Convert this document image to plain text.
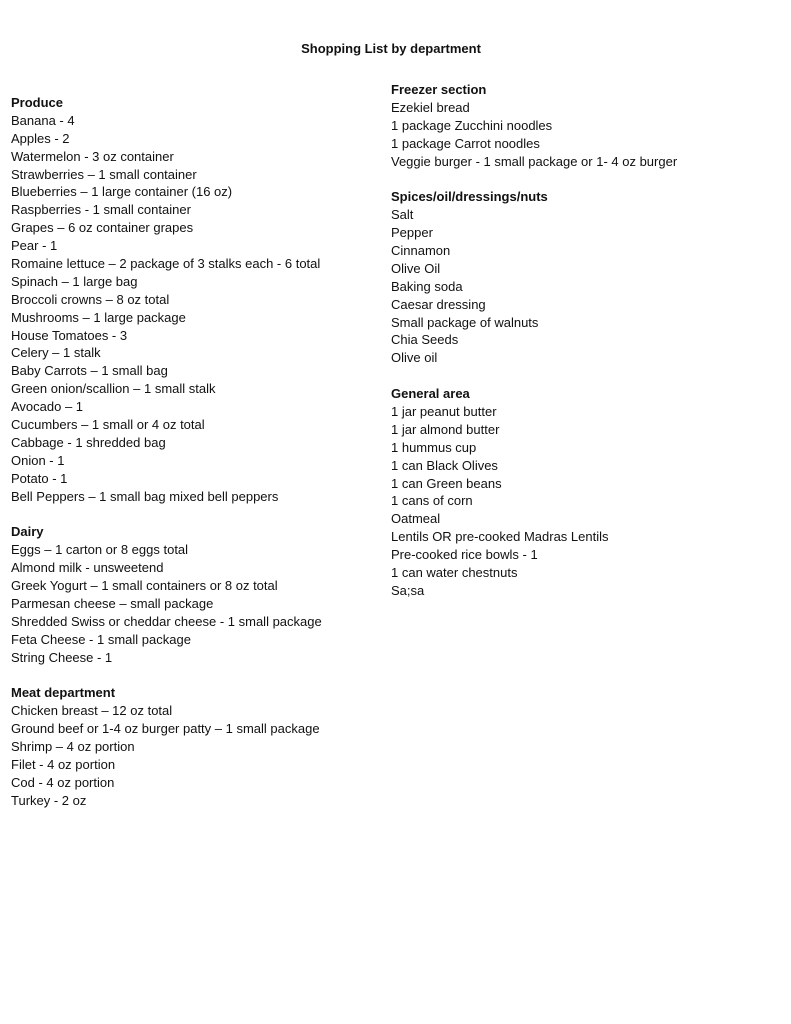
Shopping List by department
Produce
Banana - 4
Apples - 2
Watermelon - 3 oz container
Strawberries – 1 small container
Blueberries – 1 large container (16 oz)
Raspberries - 1 small container
Grapes – 6 oz container grapes
Pear - 1
Romaine lettuce – 2 package of 3 stalks each - 6 total
Spinach – 1 large bag
Broccoli crowns – 8 oz total
Mushrooms – 1 large package
House Tomatoes - 3
Celery – 1 stalk
Baby Carrots – 1 small bag
Green onion/scallion – 1 small stalk
Avocado – 1
Cucumbers – 1 small or 4 oz total
Cabbage - 1 shredded bag
Onion - 1
Potato - 1
Bell Peppers – 1 small bag mixed bell peppers
Dairy
Eggs – 1 carton or 8 eggs total
Almond milk - unsweetend
Greek Yogurt – 1 small containers or 8 oz total
Parmesan cheese – small package
Shredded Swiss or cheddar cheese - 1 small package
Feta Cheese - 1 small package
String Cheese - 1
Meat department
Chicken breast – 12 oz total
Ground beef or 1-4 oz burger patty – 1 small package
Shrimp – 4 oz portion
Filet - 4 oz portion
Cod - 4 oz portion
Turkey - 2 oz
Freezer section
Ezekiel bread
1 package Zucchini noodles
1 package Carrot noodles
Veggie burger - 1 small package or 1- 4 oz burger
Spices/oil/dressings/nuts
Salt
Pepper
Cinnamon
Olive Oil
Baking soda
Caesar dressing
Small package of walnuts
Chia Seeds
Olive oil
General area
1 jar peanut butter
1 jar almond butter
1 hummus cup
1 can Black Olives
1 can Green beans
1 cans of corn
Oatmeal
Lentils OR pre-cooked Madras Lentils
Pre-cooked rice bowls - 1
1 can water chestnuts
Sa;sa
